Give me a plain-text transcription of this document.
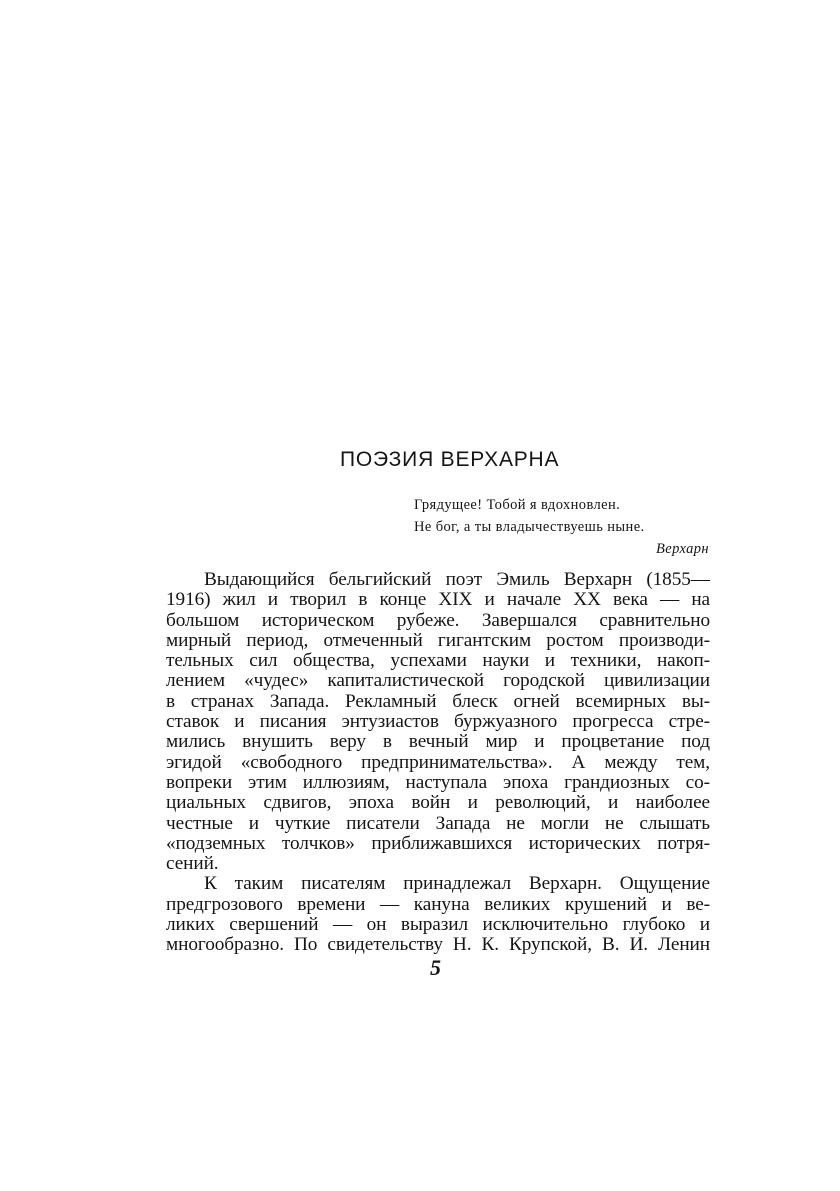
ПОЭЗИЯ ВЕРХАРНА
Грядущее! Тобой я вдохновлен.
Не бог, а ты владычествуешь ныне.
Верхарн
Выдающийся бельгийский поэт Эмиль Верхарн (1855—
1916) жил и творил в конце XIX и начале XX века — на
большом историческом рубеже. Завершался сравнительно
мирный период, отмеченный гигантским ростом производи-
тельных сил общества, успехами науки и техники, накоп-
лением «чудес» капиталистической городской цивилизации
в странах Запада. Рекламный блеск огней всемирных вы-
ставок и писания энтузиастов буржуазного прогресса стре-
мились внушить веру в вечный мир и процветание под
эгидой «свободного предпринимательства». А между тем,
вопреки этим иллюзиям, наступала эпоха грандиозных со-
циальных сдвигов, эпоха войн и революций, и наиболее
честные и чуткие писатели Запада не могли не слышать
«подземных толчков» приближавшихся исторических потря-
сений.
К таким писателям принадлежал Верхарн. Ощущение
предгрозового времени — кануна великих крушений и ве-
ликих свершений — он выразил исключительно глубоко и
многообразно. По свидетельству Н. К. Крупской, В. И. Ленин
5
